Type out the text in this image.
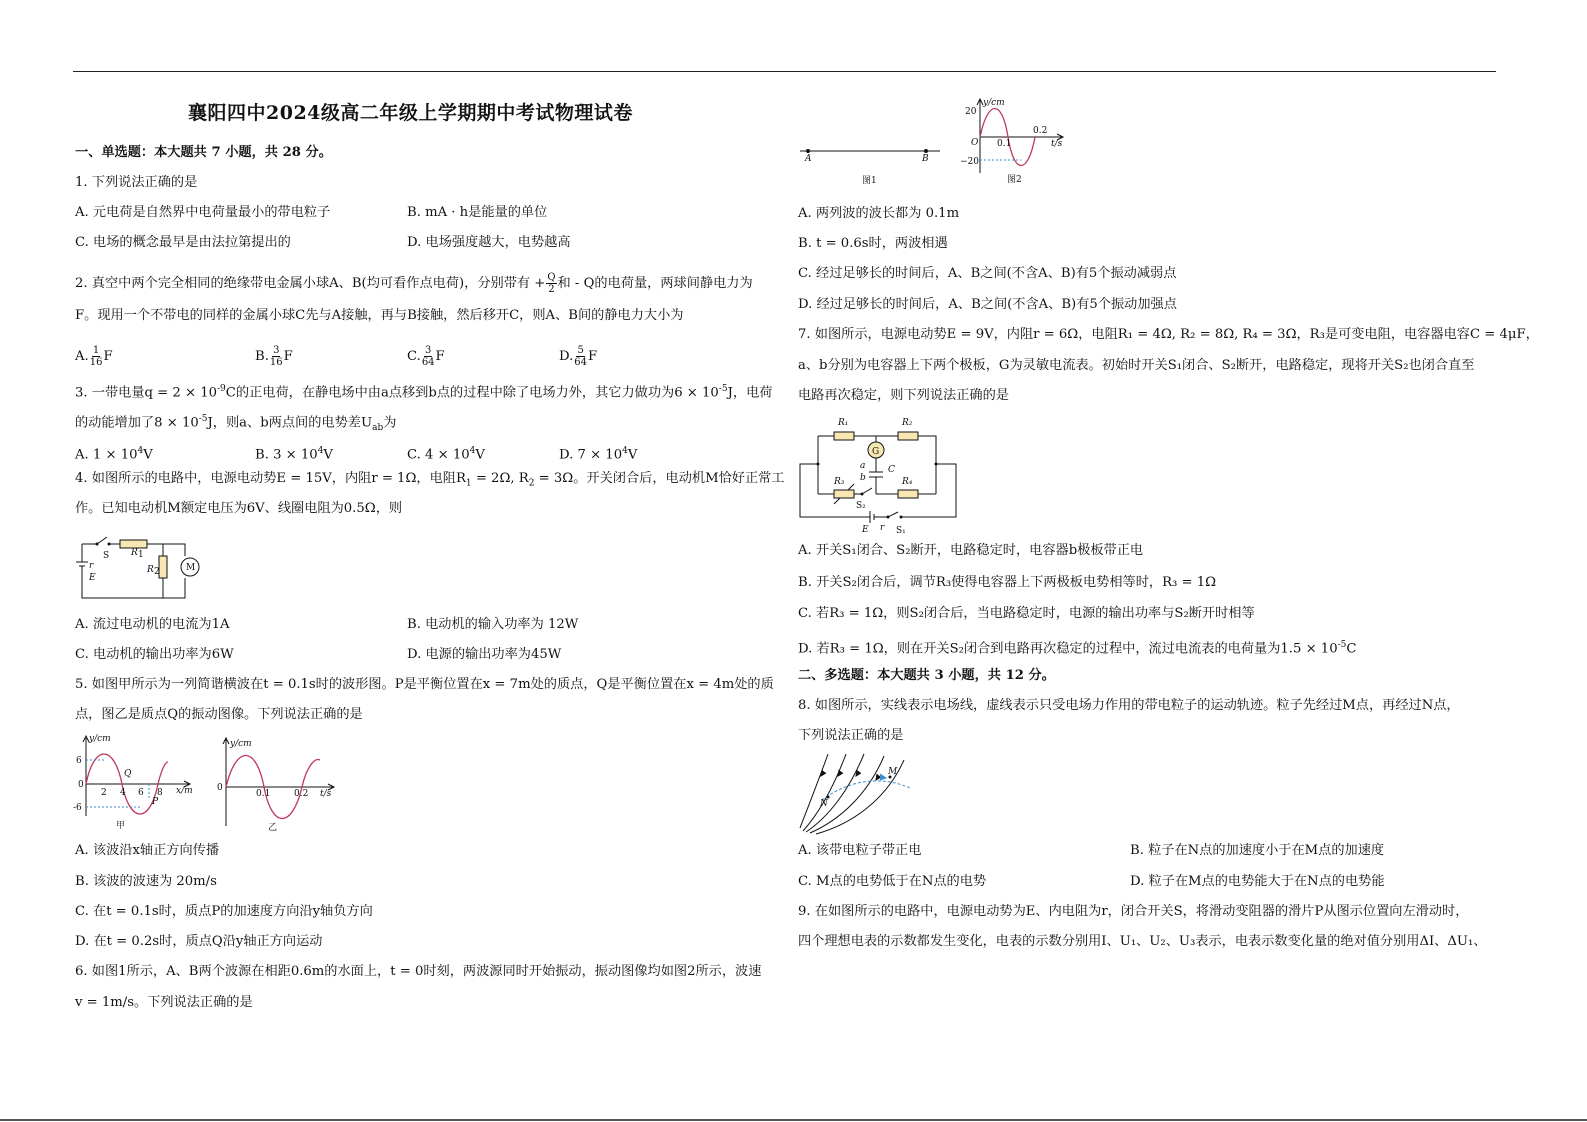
襄阳四中2024级高二年级上学期期中考试物理试卷
一、单选题：本大题共 7 小题，共 28 分。
1. 下列说法正确的是
A. 元电荷是自然界中电荷量最小的带电粒子	B. mA · h是能量的单位
C. 电场的概念最早是由法拉第提出的	D. 电场强度越大，电势越高
2. 真空中两个完全相同的绝缘带电金属小球A、B(均可看作点电荷)，分别带有 + $\frac{Q}{2}$ 和 - Q的电荷量，两球间静电力为
F。现用一个不带电的同样的金属小球C先与A接触，再与B接触，然后移开C，则A、B间的静电力大小为
A. $\frac{1}{16}$ F	B. $\frac{3}{16}$ F	C. $\frac{3}{64}$ F	D. $\frac{5}{64}$ F
3. 一带电量$q = 2 \times 10^{-9}C$的正电荷，在静电场中由a点移到b点的过程中除了电场力外，其它力做功为$6 \times 10^{-5}J$，电荷
的动能增加了$8 \times 10^{-5}J$，则a、b两点间的电势差$U_{ab}$为
A. $1 \times 10^4V$	B. $3 \times 10^4V$	C. $4 \times 10^4V$	D. $7 \times 10^4V$
4. 如图所示的电路中，电源电动势E = 15V，内阻r = 1Ω，电阻$R_1 = 2\Omega$, $R_2 = 3\Omega$。开关闭合后，电动机M恰好正常工
作。已知电动机M额定电压为6V、线圈电阻为0.5Ω，则
S R 1
R 2	M
r
E
A. 流过电动机的电流为1A	B. 电动机的输入功率为 12W
C. 电动机的输出功率为6W	D. 电源的输出功率为45W
5. 如图甲所示为一列简谐横波在t = 0.1s时的波形图。P是平衡位置在x = 7m处的质点，Q是平衡位置在x = 4m处的质
点，图乙是质点Q的振动图像。下列说法正确的是
y/cm
6
0
-6
2 4 6 8 x/m
Q
P
甲
y/cm
0
0.1	0.2 t/s
乙
A. 该波沿x轴正方向传播
B. 该波的波速为 20m/s
C. 在t = 0.1s时，质点P的加速度方向沿y轴负方向
D. 在t = 0.2s时，质点Q沿y轴正方向运动
6. 如图1所示，A、B两个波源在相距0.6m的水面上，t = 0时刻，两波源同时开始振动，振动图像均如图2所示，波速
v = 1m/s。下列说法正确的是
A	B
图1
y/cm
20
−20
O 0.1
0.2
t/s
图2
A. 两列波的波长都为 0.1m
B. t = 0.6s时，两波相遇
C. 经过足够长的时间后，A、B之间(不含A、B)有5个振动减弱点
D. 经过足够长的时间后，A、B之间(不含A、B)有5个振动加强点
7. 如图所示，电源电动势E = 9V，内阻r = 6Ω，电阻R₁ = 4Ω, R₂ = 8Ω, R₄ = 3Ω，R₃是可变电阻，电容器电容C = 4μF，
a、b分别为电容器上下两个极板，G为灵敏电流表。初始时开关S₁闭合、S₂断开，电路稳定，现将开关S₂也闭合直至
电路再次稳定，则下列说法正确的是
R₁	R₂
G
a
b
C
R₃	R₄
S₂
E r S₁
A. 开关S₁闭合、S₂断开，电路稳定时，电容器b极板带正电
B. 开关S₂闭合后，调节R₃使得电容器上下两极板电势相等时，R₃ = 1Ω
C. 若R₃ = 1Ω，则S₂闭合后，当电路稳定时，电源的输出功率与S₂断开时相等
D. 若R₃ = 1Ω，则在开关S₂闭合到电路再次稳定的过程中，流过电流表的电荷量为$1.5 \times 10^{-5}C$
二、多选题：本大题共 3 小题，共 12 分。
8. 如图所示，实线表示电场线，虚线表示只受电场力作用的带电粒子的运动轨迹。粒子先经过M点，再经过N点，
下列说法正确的是
M
N
A. 该带电粒子带正电	B. 粒子在N点的加速度小于在M点的加速度
C. M点的电势低于在N点的电势	D. 粒子在M点的电势能大于在N点的电势能
9. 在如图所示的电路中，电源电动势为E、内电阻为r，闭合开关S，将滑动变阻器的滑片P从图示位置向左滑动时，
四个理想电表的示数都发生变化，电表的示数分别用I、U₁、U₂、U₃表示，电表示数变化量的绝对值分别用ΔI、ΔU₁、
